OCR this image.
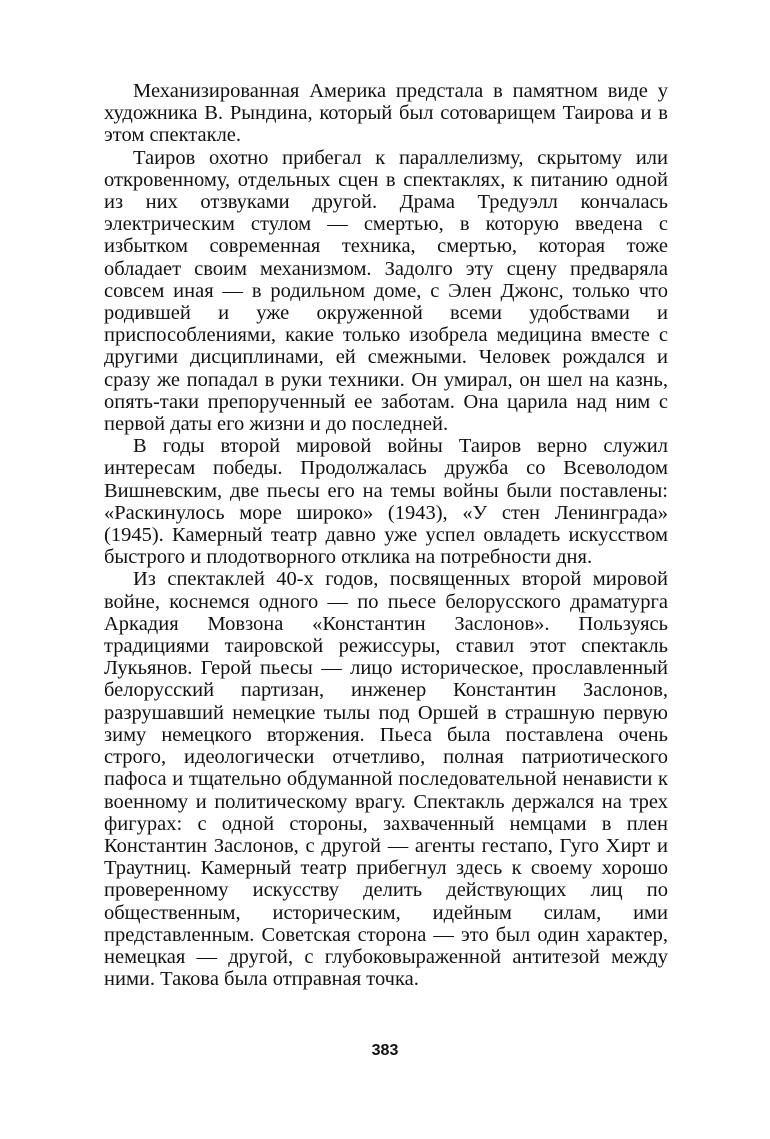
Механизированная Америка предстала в памятном виде у художника В. Рындина, который был сотоварищем Таирова и в этом спектакле.

Таиров охотно прибегал к параллелизму, скрытому или откровенному, отдельных сцен в спектаклях, к питанию одной из них отзвуками другой. Драма Тредуэлл кончалась электрическим стулом — смертью, в которую введена с избытком современная техника, смертью, которая тоже обладает своим механизмом. Задолго эту сцену предваряла совсем иная — в родильном доме, с Элен Джонс, только что родившей и уже окруженной всеми удобствами и приспособлениями, какие только изобрела медицина вместе с другими дисциплинами, ей смежными. Человек рождался и сразу же попадал в руки техники. Он умирал, он шел на казнь, опять-таки препорученный ее заботам. Она царила над ним с первой даты его жизни и до последней.

В годы второй мировой войны Таиров верно служил интересам победы. Продолжалась дружба со Всеволодом Вишневским, две пьесы его на темы войны были поставлены: «Раскинулось море широко» (1943), «У стен Ленинграда» (1945). Камерный театр давно уже успел овладеть искусством быстрого и плодотворного отклика на потребности дня.

Из спектаклей 40-х годов, посвященных второй мировой войне, коснемся одного — по пьесе белорусского драматурга Аркадия Мовзона «Константин Заслонов». Пользуясь традициями таировской режиссуры, ставил этот спектакль Лукьянов. Герой пьесы — лицо историческое, прославленный белорусский партизан, инженер Константин Заслонов, разрушавший немецкие тылы под Оршей в страшную первую зиму немецкого вторжения. Пьеса была поставлена очень строго, идеологически отчетливо, полная патриотического пафоса и тщательно обдуманной последовательной ненависти к военному и политическому врагу. Спектакль держался на трех фигурах: с одной стороны, захваченный немцами в плен Константин Заслонов, с другой — агенты гестапо, Гуго Хирт и Траутниц. Камерный театр прибегнул здесь к своему хорошо проверенному искусству делить действующих лиц по общественным, историческим, идейным силам, ими представленным. Советская сторона — это был один характер, немецкая — другой, с глубоковыраженной антитезой между ними. Такова была отправная точка.

383
